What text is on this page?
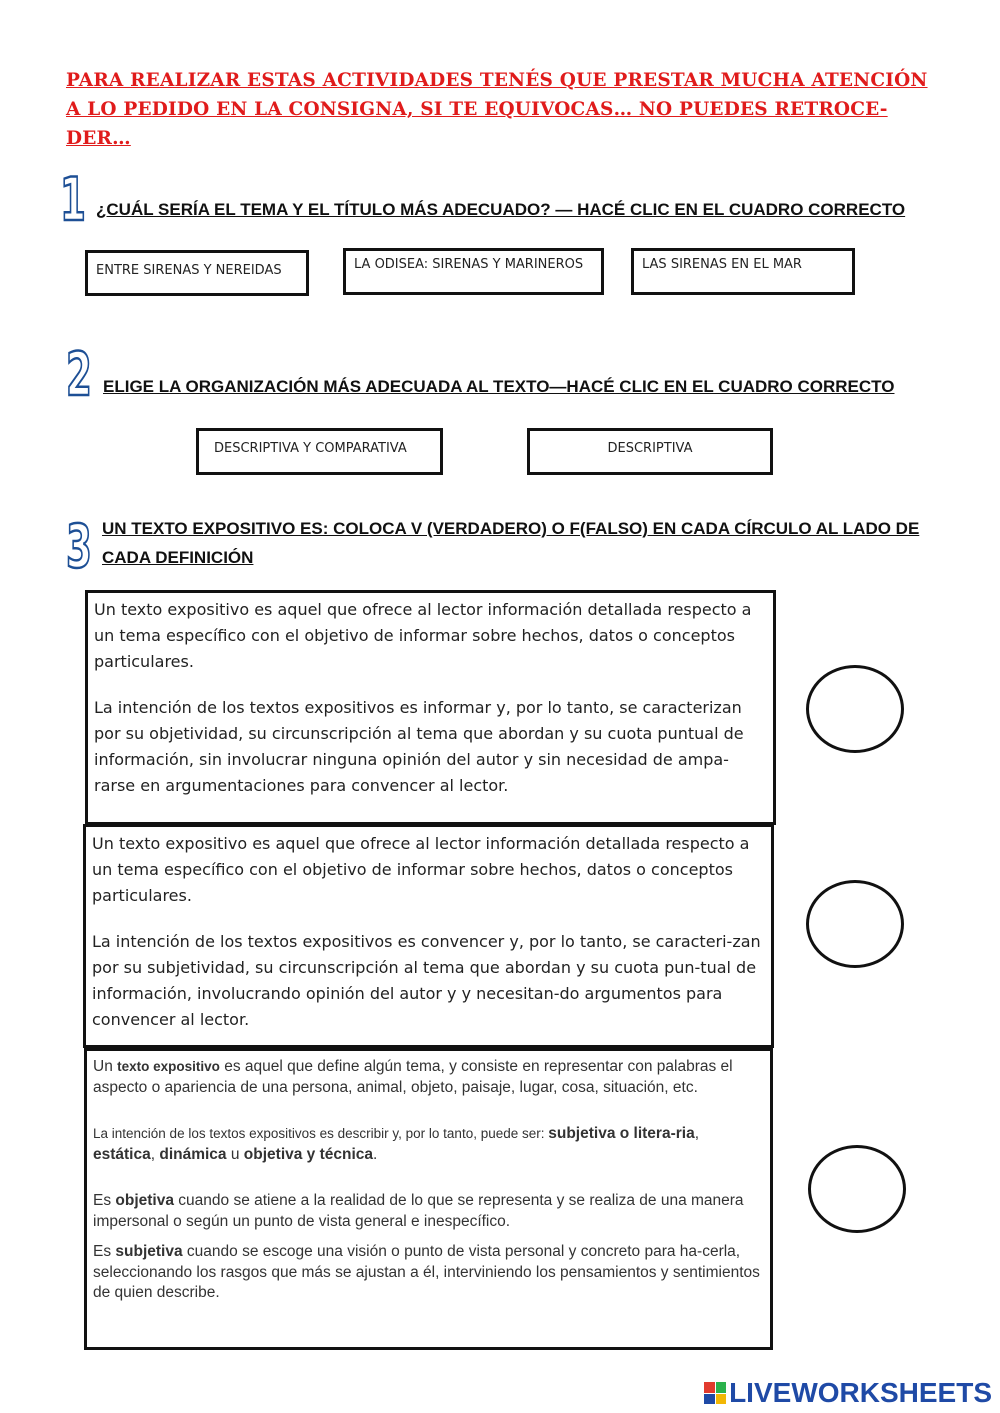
PARA REALIZAR ESTAS ACTIVIDADES TENÉS QUE PRESTAR MUCHA ATENCIÓN A LO PEDIDO EN LA CONSIGNA, SI TE EQUIVOCAS… NO PUEDES RETROCE-DER…
1 ¿CUÁL SERÍA EL TEMA Y EL TÍTULO MÁS ADECUADO? — HACÉ CLIC EN EL CUADRO CORRECTO
ENTRE SIRENAS Y NEREIDAS	LA ODISEA: SIRENAS Y MARINEROS	LAS SIRENAS EN EL MAR
2 ELIGE LA ORGANIZACIÓN MÁS ADECUADA AL TEXTO—HACÉ CLIC EN EL CUADRO CORRECTO
DESCRIPTIVA Y COMPARATIVA	DESCRIPTIVA
3 UN TEXTO EXPOSITIVO ES: COLOCA V (VERDADERO) O F(FALSO) EN CADA CÍRCULO AL LADO DE
CADA DEFINICIÓN

Un texto expositivo es aquel que ofrece al lector información detallada respecto a un tema específico con el objetivo de informar sobre hechos, datos o conceptos particulares.

La intención de los textos expositivos es informar y, por lo tanto, se caracterizan por su objetividad, su circunscripción al tema que abordan y su cuota puntual de información, sin involucrar ninguna opinión del autor y sin necesidad de ampa-rarse en argumentaciones para convencer al lector.

Un texto expositivo es aquel que ofrece al lector información detallada respecto a un tema específico con el objetivo de informar sobre hechos, datos o conceptos particulares.

La intención de los textos expositivos es convencer y, por lo tanto, se caracteri-zan por su subjetividad, su circunscripción al tema que abordan y su cuota pun-tual de información, involucrando opinión del autor y y necesitan-do argumentos para convencer al lector.

Un texto expositivo es aquel que define algún tema, y consiste en representar con palabras el aspecto o apariencia de una persona, animal, objeto, paisaje, lugar, cosa, situación, etc.

La intención de los textos expositivos es describir y, por lo tanto, puede ser: subjetiva o litera-ria, estática, dinámica u objetiva y técnica.

Es objetiva cuando se atiene a la realidad de lo que se representa y se realiza de una manera impersonal o según un punto de vista general e inespecífico.

Es subjetiva cuando se escoge una visión o punto de vista personal y concreto para ha-cerla, seleccionando los rasgos que más se ajustan a él, interviniendo los pensamientos y sentimientos de quien describe.

LIVEWORKSHEETS
